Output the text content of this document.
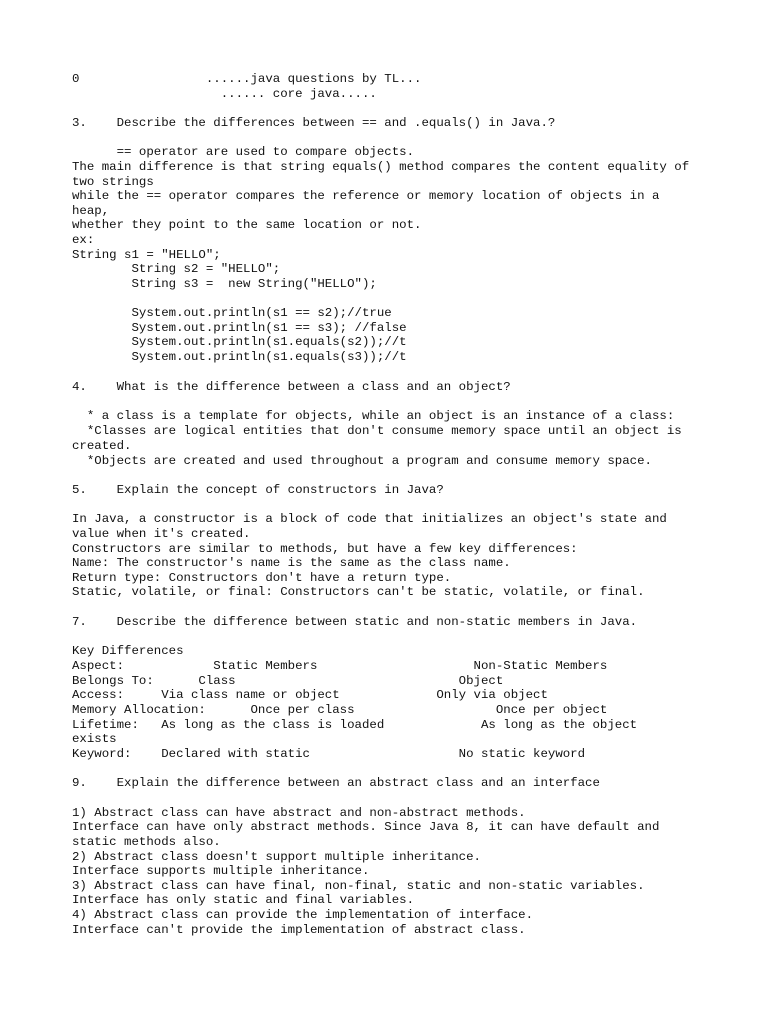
0                 ......java questions by TL...
...... core java.....
3.    Describe the differences between == and .equals() in Java.?
== operator are used to compare objects.
The main difference is that string equals() method compares the content equality of
two strings
while the == operator compares the reference or memory location of objects in a
heap,
whether they point to the same location or not.
ex:
String s1 = "HELLO";
String s2 = "HELLO";
String s3 =  new String("HELLO");
System.out.println(s1 == s2);//true
System.out.println(s1 == s3); //false
System.out.println(s1.equals(s2));//t
System.out.println(s1.equals(s3));//t
4.    What is the difference between a class and an object?
* a class is a template for objects, while an object is an instance of a class:
*Classes are logical entities that don't consume memory space until an object is
created.
*Objects are created and used throughout a program and consume memory space.
5.    Explain the concept of constructors in Java?
In Java, a constructor is a block of code that initializes an object's state and
value when it's created.
Constructors are similar to methods, but have a few key differences:
Name: The constructor's name is the same as the class name.
Return type: Constructors don't have a return type.
Static, volatile, or final: Constructors can't be static, volatile, or final.
7.    Describe the difference between static and non-static members in Java.
Key Differences
Aspect:            Static Members                     Non-Static Members
Belongs To:      Class                              Object
Access:     Via class name or object             Only via object
Memory Allocation:      Once per class                   Once per object
Lifetime:   As long as the class is loaded             As long as the object
exists
Keyword:    Declared with static                    No static keyword
9.    Explain the difference between an abstract class and an interface
1) Abstract class can have abstract and non-abstract methods.
Interface can have only abstract methods. Since Java 8, it can have default and
static methods also.
2) Abstract class doesn't support multiple inheritance.
Interface supports multiple inheritance.
3) Abstract class can have final, non-final, static and non-static variables.
Interface has only static and final variables.
4) Abstract class can provide the implementation of interface.
Interface can't provide the implementation of abstract class.
